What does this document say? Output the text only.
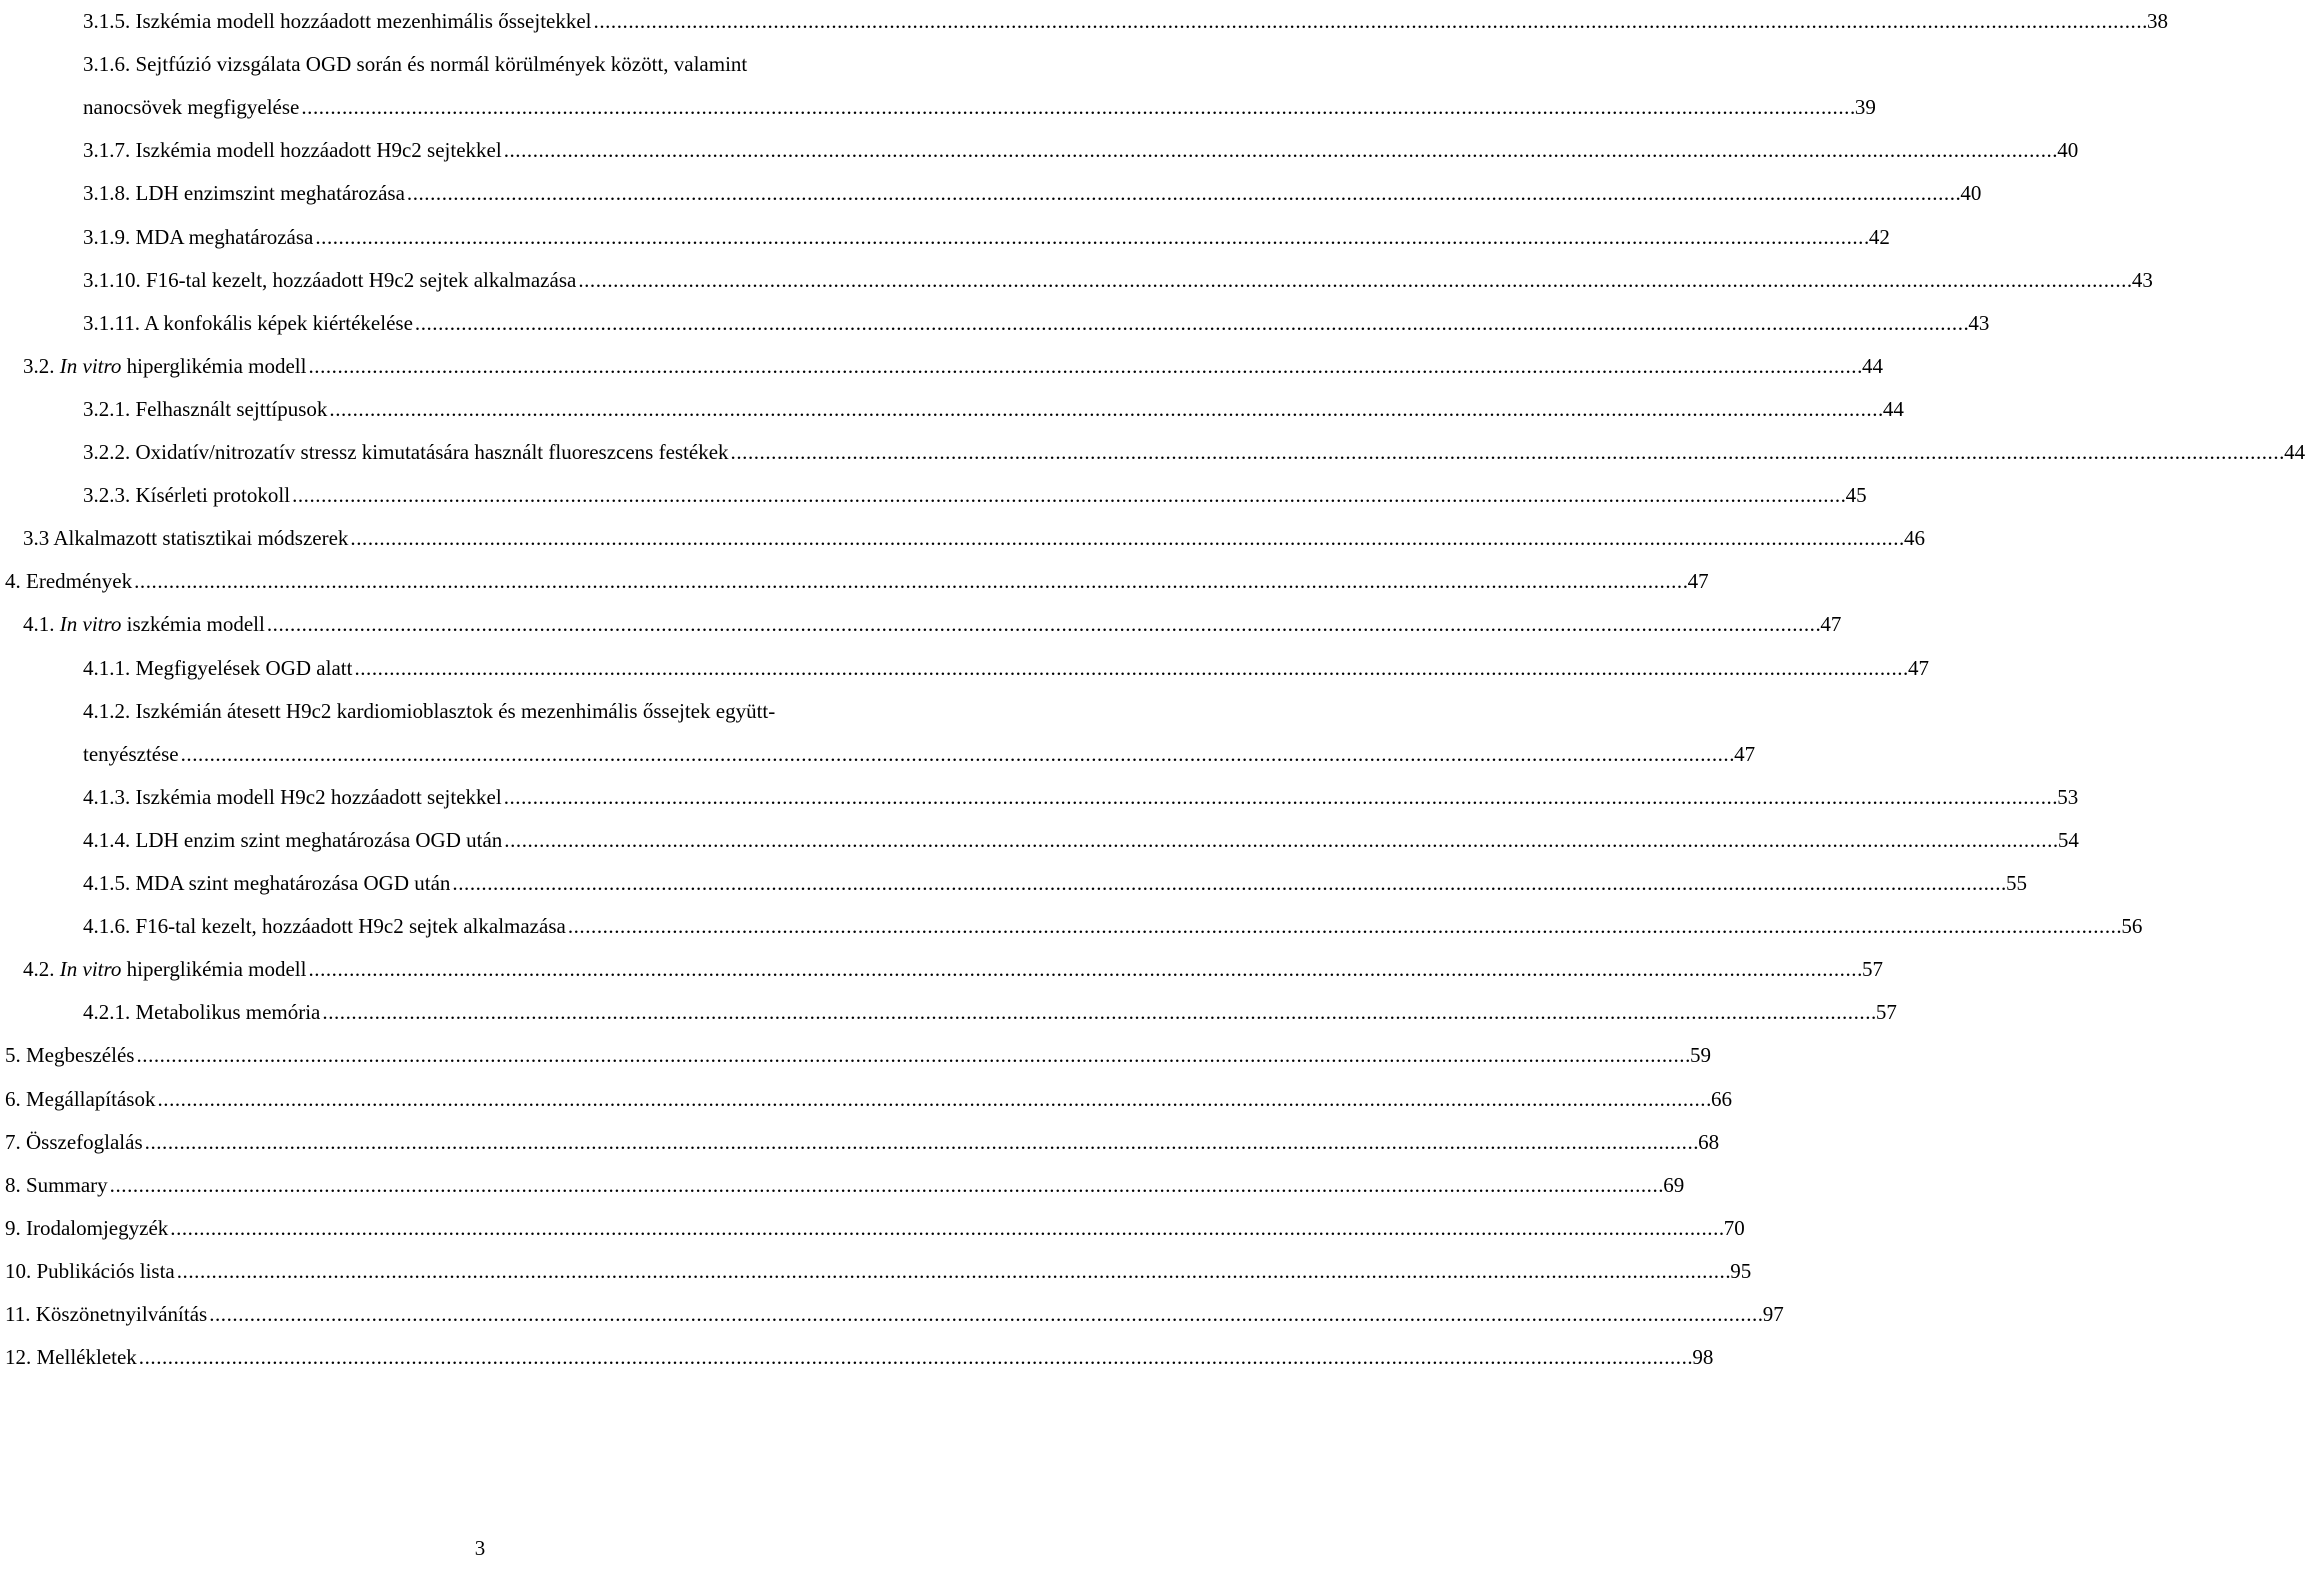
3.1.5. Iszkémia modell hozzáadott mezenhimális őssejtekkel . . .	38
3.1.6. Sejtfúzió vizsgálata OGD során és normál körülmények között, valamint
nanocsövek megfigyelése . . .	39
3.1.7. Iszkémia modell hozzáadott H9c2 sejtekkel . . .	40
3.1.8. LDH enzimszint meghatározása . . .	40
3.1.9. MDA meghatározása . . .	42
3.1.10. F16-tal kezelt, hozzáadott H9c2 sejtek alkalmazása . . .	43
3.1.11. A konfokális képek kiértékelése . . .	43
3.2. In vitro hiperglikémia modell . . .	44
3.2.1. Felhasznált sejttípusok . . .	44
3.2.2. Oxidatív/nitrozatív stressz kimutatására használt fluoreszcens festékek . . .	44
3.2.3. Kísérleti protokoll . . .	45
3.3 Alkalmazott statisztikai módszerek . . .	46
4. Eredmények . . .	47
4.1. In vitro iszkémia modell . . .	47
4.1.1. Megfigyelések OGD alatt . . .	47
4.1.2. Iszkémián átesett H9c2 kardiomioblasztok és mezenhimális őssejtek együtt-
tenyésztése . . .	47
4.1.3. Iszkémia modell H9c2 hozzáadott sejtekkel . . .	53
4.1.4. LDH enzim szint meghatározása OGD után . . .	54
4.1.5. MDA szint meghatározása OGD után . . .	55
4.1.6. F16-tal kezelt, hozzáadott H9c2 sejtek alkalmazása . . .	56
4.2. In vitro hiperglikémia modell . . .	57
4.2.1. Metabolikus memória . . .	57
5. Megbeszélés . . .	59
6. Megállapítások . . .	66
7. Összefoglalás . . .	68
8. Summary . . .	69
9. Irodalomjegyzék . . .	70
10. Publikációs lista . . .	95
11. Köszönetnyilvánítás . . .	97
12. Mellékletek . . .	98
3
